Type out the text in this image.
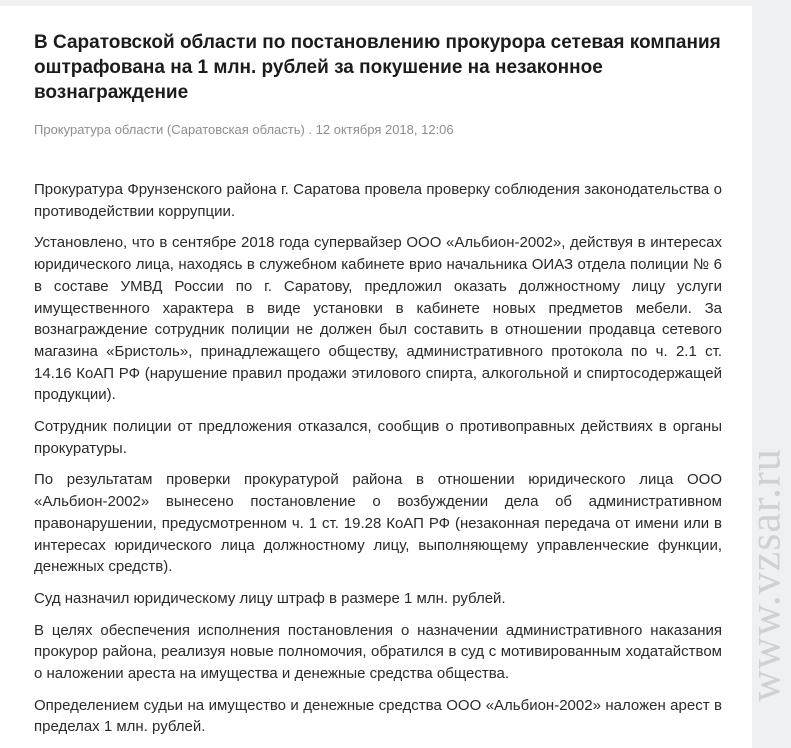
В Саратовской области по постановлению прокурора сетевая компания оштрафована на 1 млн. рублей за покушение на незаконное вознаграждение
Прокуратура области (Саратовская область) . 12 октября 2018, 12:06

Прокуратура Фрунзенского района г. Саратова провела проверку соблюдения законодательства о противодействии коррупции.

Установлено, что в сентябре 2018 года супервайзер ООО «Альбион-2002», действуя в интересах юридического лица, находясь в служебном кабинете врио начальника ОИАЗ отдела полиции № 6 в составе УМВД России по г. Саратову, предложил оказать должностному лицу услуги имущественного характера в виде установки в кабинете новых предметов мебели. За вознаграждение сотрудник полиции не должен был составить в отношении продавца сетевого магазина «Бристоль», принадлежащего обществу, административного протокола по ч. 2.1 ст. 14.16 КоАП РФ (нарушение правил продажи этилового спирта, алкогольной и спиртосодержащей продукции).

Сотрудник полиции от предложения отказался, сообщив о противоправных действиях в органы прокуратуры.

По результатам проверки прокуратурой района в отношении юридического лица ООО «Альбион-2002» вынесено постановление о возбуждении дела об административном правонарушении, предусмотренном ч. 1 ст. 19.28 КоАП РФ (незаконная передача от имени или в интересах юридического лица должностному лицу, выполняющему управленческие функции, денежных средств).

Суд назначил юридическому лицу штраф в размере 1 млн. рублей.

В целях обеспечения исполнения постановления о назначении административного наказания прокурор района, реализуя новые полномочия, обратился в суд с мотивированным ходатайством о наложении ареста на имущества и денежные средства общества.

Определением судьи на имущество и денежные средства ООО «Альбион-2002» наложен арест в пределах 1 млн. рублей.

www.vzsar.ru
